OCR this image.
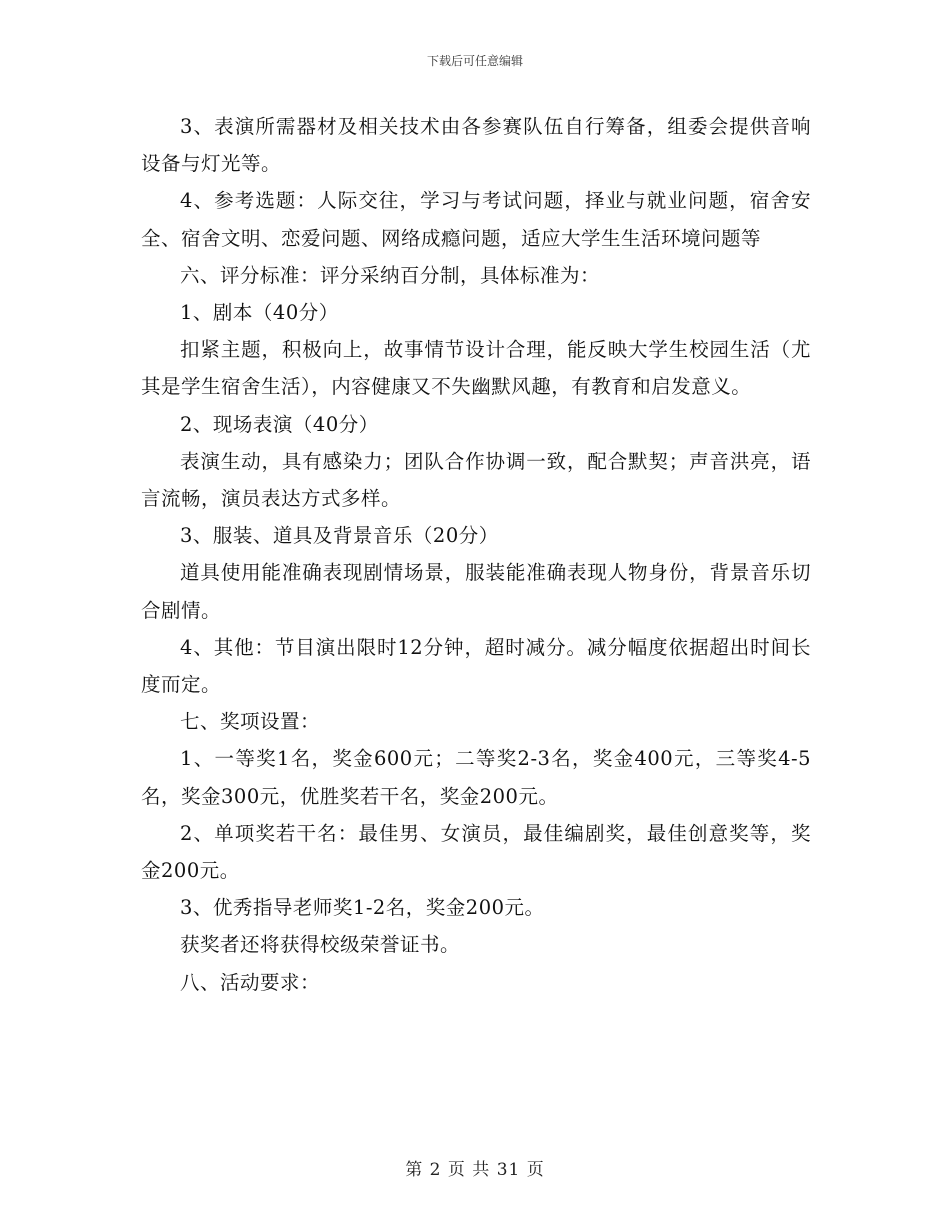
下载后可任意编辑

3、表演所需器材及相关技术由各参赛队伍自行筹备，组委会提供音响设备与灯光等。

4、参考选题：人际交往，学习与考试问题，择业与就业问题，宿舍安全、宿舍文明、恋爱问题、网络成瘾问题，适应大学生生活环境问题等

六、评分标准：评分采纳百分制，具体标准为：

1、剧本（40分）

扣紧主题，积极向上，故事情节设计合理，能反映大学生校园生活（尤其是学生宿舍生活），内容健康又不失幽默风趣，有教育和启发意义。

2、现场表演（40分）

表演生动，具有感染力；团队合作协调一致，配合默契；声音洪亮，语言流畅，演员表达方式多样。

3、服装、道具及背景音乐（20分）

道具使用能准确表现剧情场景，服装能准确表现人物身份，背景音乐切合剧情。

4、其他：节目演出限时12分钟，超时减分。减分幅度依据超出时间长度而定。

七、奖项设置：

1、一等奖1名，奖金600元；二等奖2-3名，奖金400元，三等奖4-5名，奖金300元，优胜奖若干名，奖金200元。

2、单项奖若干名：最佳男、女演员，最佳编剧奖，最佳创意奖等，奖金200元。

3、优秀指导老师奖1-2名，奖金200元。

获奖者还将获得校级荣誉证书。

八、活动要求：

第 2 页 共 31 页
